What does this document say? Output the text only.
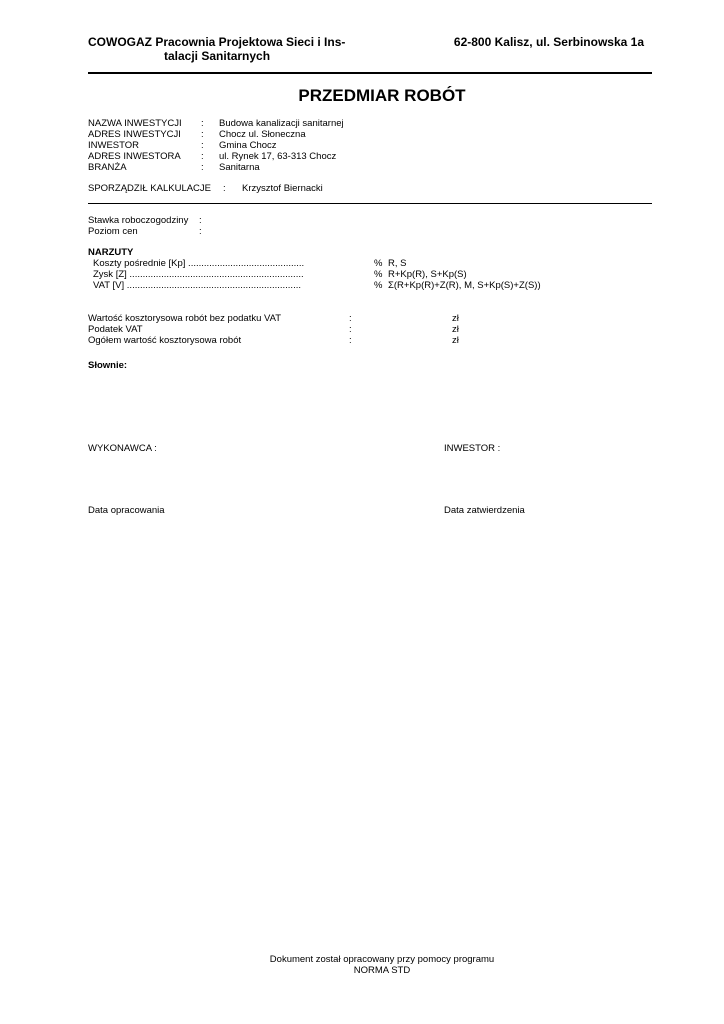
COWOGAZ Pracownia Projektowa Sieci i Ins-
talacji Sanitarnych
62-800 Kalisz, ul. Serbinowska 1a
PRZEDMIAR ROBÓT
NAZWA INWESTYCJI : Budowa kanalizacji sanitarnej
ADRES INWESTYCJI : Chocz ul. Słoneczna
INWESTOR	: Gmina Chocz
ADRES INWESTORA : ul. Rynek 17, 63-313 Chocz
BRANŻA	: Sanitarna
SPORZĄDZIŁ KALKULACJE : Krzysztof Biernacki
Stawka roboczogodziny :
Poziom cen	:
NARZUTY
Koszty pośrednie [Kp] ............................................	% R, S
Zysk [Z] ..................................................................	% R+Kp(R), S+Kp(S)
VAT [V] ..................................................................	% Σ(R+Kp(R)+Z(R), M, S+Kp(S)+Z(S))
Wartość kosztorysowa robót bez podatku VAT	:	zł
Podatek VAT	:	zł
Ogółem wartość kosztorysowa robót	:	zł
Słownie:
WYKONAWCA :	INWESTOR :
Data opracowania	Data zatwierdzenia
Dokument został opracowany przy pomocy programu
NORMA STD
